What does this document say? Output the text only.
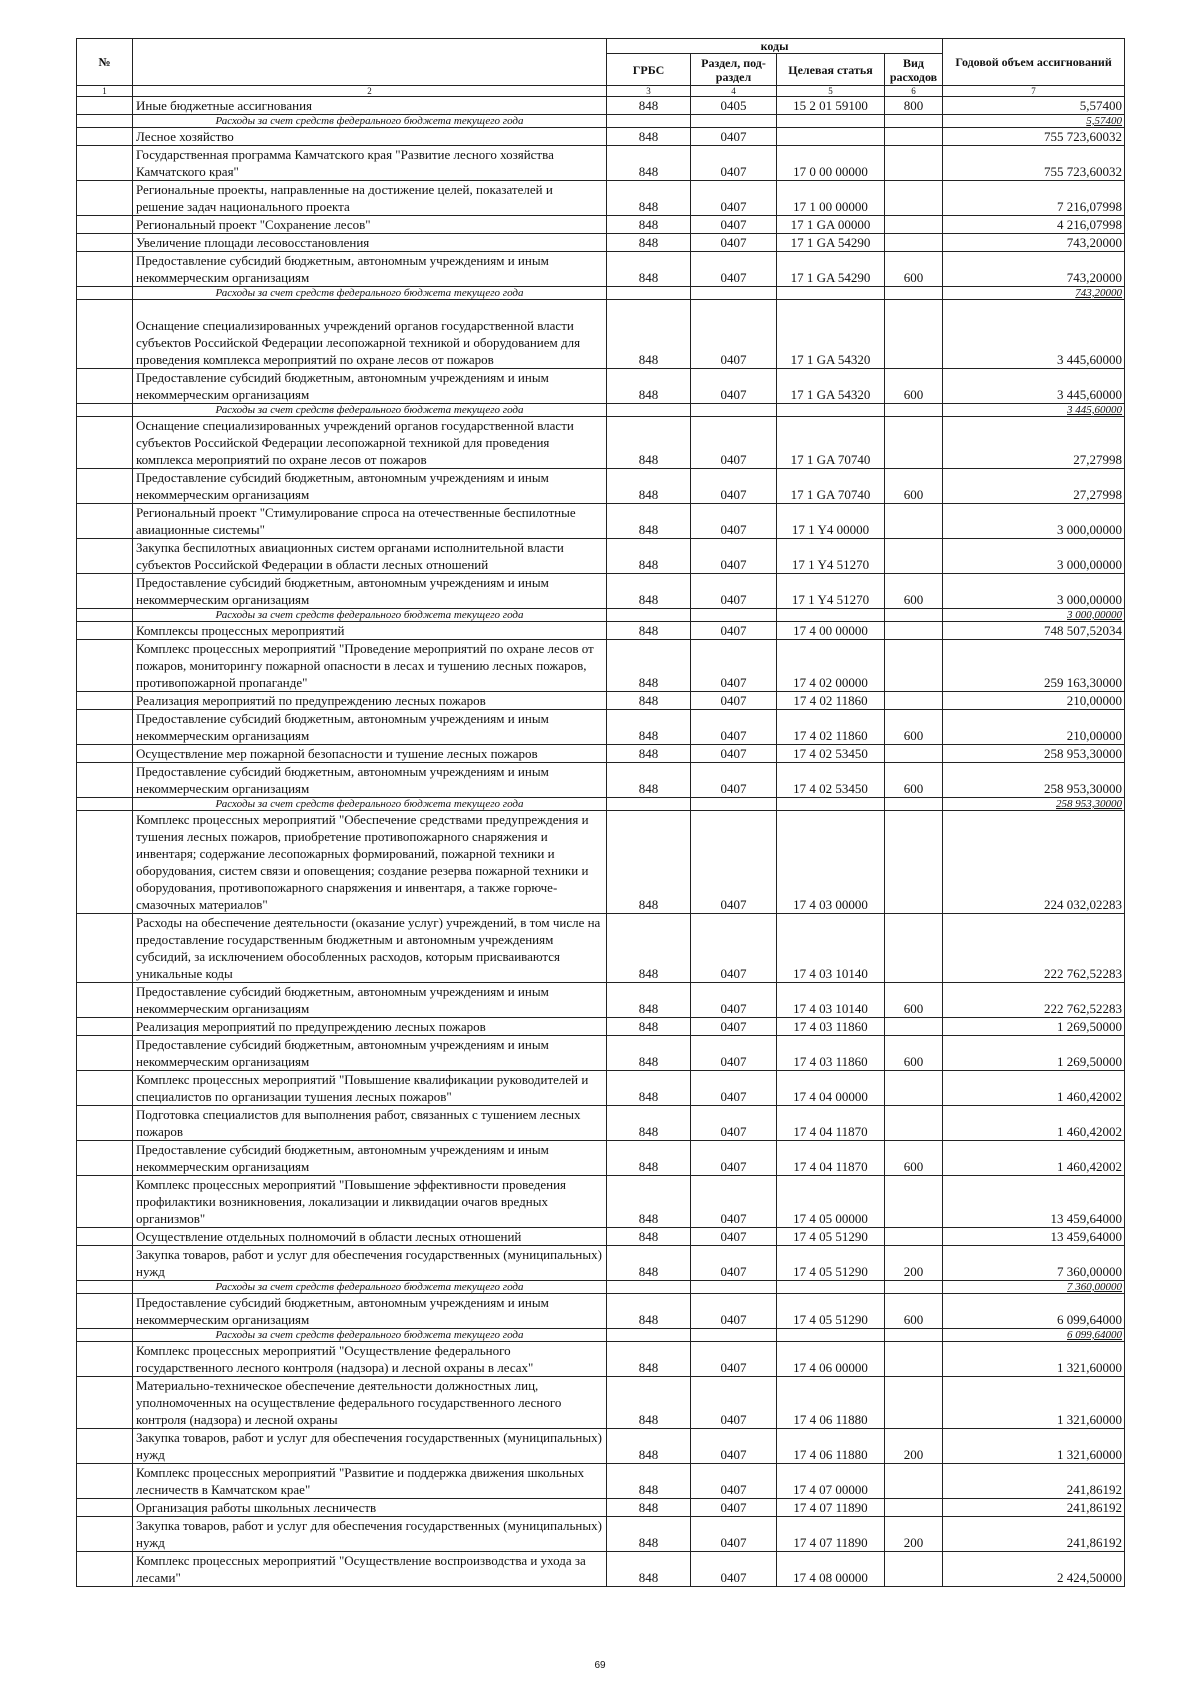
№		коды				Годовой объем ассигнований
		ГРБС	Раздел, под-раздел	Целевая статья	Вид расходов	
1	2	3	4	5	6	7
	Иные бюджетные ассигнования	848	0405	15 2 01 59100	800	5,57400
	Расходы за счет средств федерального бюджета текущего года					5,57400
	Лесное хозяйство	848	0407			755 723,60032
	Государственная программа Камчатского края "Развитие лесного хозяйства Камчатского края"	848	0407	17 0 00 00000		755 723,60032
	Региональные проекты, направленные на достижение целей, показателей и решение задач национального проекта	848	0407	17 1 00 00000		7 216,07998
	Региональный проект "Сохранение лесов"	848	0407	17 1 GA 00000		4 216,07998
	Увеличение площади лесовосстановления	848	0407	17 1 GA 54290		743,20000
	Предоставление субсидий бюджетным, автономным учреждениям и иным некоммерческим организациям	848	0407	17 1 GA 54290	600	743,20000
	Расходы за счет средств федерального бюджета текущего года					743,20000
	Оснащение специализированных учреждений органов государственной власти субъектов Российской Федерации лесопожарной техникой и оборудованием для проведения комплекса мероприятий по охране лесов от пожаров	848	0407	17 1 GA 54320		3 445,60000
	Предоставление субсидий бюджетным, автономным учреждениям и иным некоммерческим организациям	848	0407	17 1 GA 54320	600	3 445,60000
	Расходы за счет средств федерального бюджета текущего года					3 445,60000
	Оснащение специализированных учреждений органов государственной власти субъектов Российской Федерации лесопожарной техникой для проведения комплекса мероприятий по охране лесов от пожаров	848	0407	17 1 GA 70740		27,27998
	Предоставление субсидий бюджетным, автономным учреждениям и иным некоммерческим организациям	848	0407	17 1 GA 70740	600	27,27998
	Региональный проект "Стимулирование спроса на отечественные беспилотные авиационные системы"	848	0407	17 1 Y4 00000		3 000,00000
	Закупка беспилотных авиационных систем органами исполнительной власти субъектов Российской Федерации в области лесных отношений	848	0407	17 1 Y4 51270		3 000,00000
	Предоставление субсидий бюджетным, автономным учреждениям и иным некоммерческим организациям	848	0407	17 1 Y4 51270	600	3 000,00000
	Расходы за счет средств федерального бюджета текущего года					3 000,00000
	Комплексы процессных мероприятий	848	0407	17 4 00 00000		748 507,52034
	Комплекс процессных мероприятий "Проведение мероприятий по охране лесов от пожаров, мониторингу пожарной опасности в лесах и тушению лесных пожаров, противопожарной пропаганде"	848	0407	17 4 02 00000		259 163,30000
	Реализация мероприятий по предупреждению лесных пожаров	848	0407	17 4 02 11860		210,00000
	Предоставление субсидий бюджетным, автономным учреждениям и иным некоммерческим организациям	848	0407	17 4 02 11860	600	210,00000
	Осуществление мер пожарной безопасности и тушение лесных пожаров	848	0407	17 4 02 53450		258 953,30000
	Предоставление субсидий бюджетным, автономным учреждениям и иным некоммерческим организациям	848	0407	17 4 02 53450	600	258 953,30000
	Расходы за счет средств федерального бюджета текущего года					258 953,30000
	Комплекс процессных мероприятий "Обеспечение средствами предупреждения и тушения лесных пожаров, приобретение противопожарного снаряжения и инвентаря; содержание лесопожарных формирований, пожарной техники и оборудования, систем связи и оповещения; создание резерва пожарной техники и оборудования, противопожарного снаряжения и инвентаря, а также горюче-смазочных материалов"	848	0407	17 4 03 00000		224 032,02283
	Расходы на обеспечение деятельности (оказание услуг) учреждений, в том числе на предоставление государственным бюджетным и автономным учреждениям субсидий, за исключением обособленных расходов, которым присваиваются уникальные коды	848	0407	17 4 03 10140		222 762,52283
	Предоставление субсидий бюджетным, автономным учреждениям и иным некоммерческим организациям	848	0407	17 4 03 10140	600	222 762,52283
	Реализация мероприятий по предупреждению лесных пожаров	848	0407	17 4 03 11860		1 269,50000
	Предоставление субсидий бюджетным, автономным учреждениям и иным некоммерческим организациям	848	0407	17 4 03 11860	600	1 269,50000
	Комплекс процессных мероприятий "Повышение квалификации руководителей и специалистов по организации тушения лесных пожаров"	848	0407	17 4 04 00000		1 460,42002
	Подготовка специалистов для выполнения работ, связанных с тушением лесных пожаров	848	0407	17 4 04 11870		1 460,42002
	Предоставление субсидий бюджетным, автономным учреждениям и иным некоммерческим организациям	848	0407	17 4 04 11870	600	1 460,42002
	Комплекс процессных мероприятий "Повышение эффективности проведения профилактики возникновения, локализации и ликвидации очагов вредных организмов"	848	0407	17 4 05 00000		13 459,64000
	Осуществление отдельных полномочий в области лесных отношений	848	0407	17 4 05 51290		13 459,64000
	Закупка товаров, работ и услуг для обеспечения государственных (муниципальных) нужд	848	0407	17 4 05 51290	200	7 360,00000
	Расходы за счет средств федерального бюджета текущего года					7 360,00000
	Предоставление субсидий бюджетным, автономным учреждениям и иным некоммерческим организациям	848	0407	17 4 05 51290	600	6 099,64000
	Расходы за счет средств федерального бюджета текущего года					6 099,64000
	Комплекс процессных мероприятий "Осуществление федерального государственного лесного контроля (надзора) и лесной охраны в лесах"	848	0407	17 4 06 00000		1 321,60000
	Материально-техническое обеспечение деятельности должностных лиц, уполномоченных на осуществление федерального государственного лесного контроля (надзора) и лесной охраны	848	0407	17 4 06 11880		1 321,60000
	Закупка товаров, работ и услуг для обеспечения государственных (муниципальных) нужд	848	0407	17 4 06 11880	200	1 321,60000
	Комплекс процессных мероприятий "Развитие и поддержка движения школьных лесничеств в Камчатском крае"	848	0407	17 4 07 00000		241,86192
	Организация работы школьных лесничеств	848	0407	17 4 07 11890		241,86192
	Закупка товаров, работ и услуг для обеспечения государственных (муниципальных) нужд	848	0407	17 4 07 11890	200	241,86192
	Комплекс процессных мероприятий "Осуществление воспроизводства и ухода за лесами"	848	0407	17 4 08 00000		2 424,50000
69
